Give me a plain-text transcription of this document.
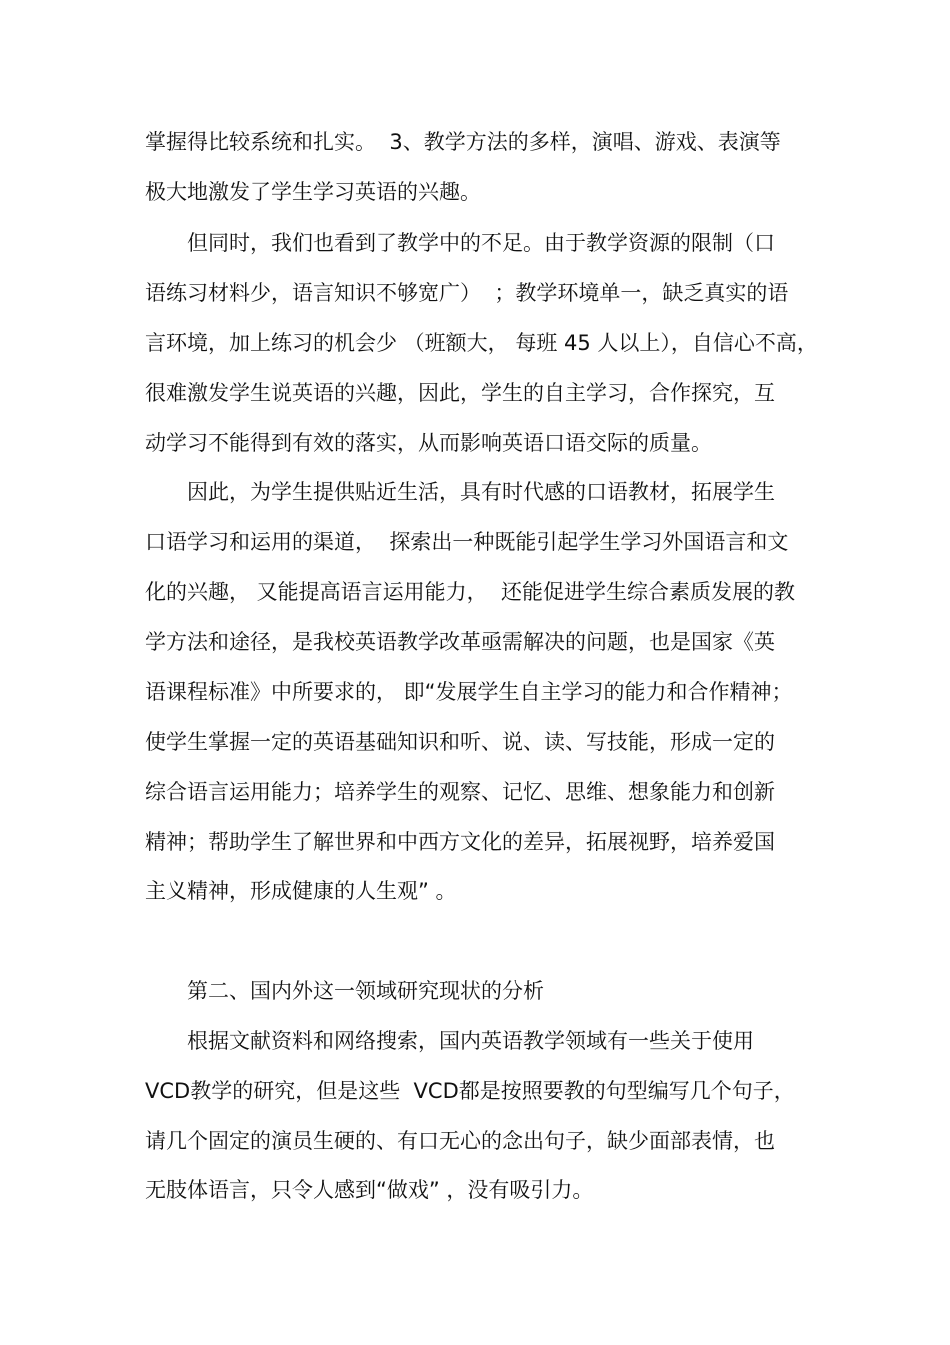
掌握得比较系统和扎实。  3、教学方法的多样，演唱、游戏、表演等
极大地激发了学生学习英语的兴趣。
但同时，我们也看到了教学中的不足。由于教学资源的限制（口
语练习材料少，语言知识不够宽广）  ；教学环境单一，缺乏真实的语
言环境，加上练习的机会少 （班额大， 每班 45 人以上），自信心不高，
很难激发学生说英语的兴趣，因此，学生的自主学习，合作探究，互
动学习不能得到有效的落实，从而影响英语口语交际的质量。
因此，为学生提供贴近生活，具有时代感的口语教材，拓展学生
口语学习和运用的渠道，  探索出一种既能引起学生学习外国语言和文
化的兴趣， 又能提高语言运用能力，  还能促进学生综合素质发展的教
学方法和途径，是我校英语教学改革亟需解决的问题，也是国家《英
语课程标准》中所要求的， 即“发展学生自主学习的能力和合作精神；
使学生掌握一定的英语基础知识和听、说、读、写技能，形成一定的
综合语言运用能力；培养学生的观察、记忆、思维、想象能力和创新
精神；帮助学生了解世界和中西方文化的差异，拓展视野，培养爱国
主义精神，形成健康的人生观” 。
第二、国内外这一领域研究现状的分析
根据文献资料和网络搜索，国内英语教学领域有一些关于使用
VCD教学的研究，但是这些  VCD都是按照要教的句型编写几个句子，
请几个固定的演员生硬的、有口无心的念出句子，缺少面部表情，也
无肢体语言，只令人感到“做戏” ，没有吸引力。
